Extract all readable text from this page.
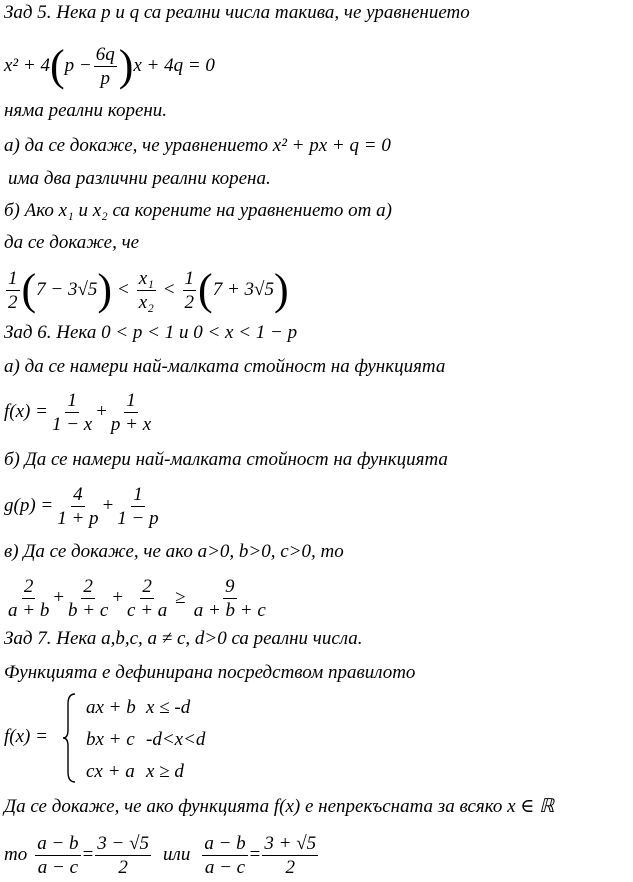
Зад 5. Нека p и q са реални числа такива, че уравнението
x² + 4 ( $p - \frac{6q}{p}$ ) x + 4q = 0
няма реални корени.
а) да се докаже, че уравнението x² + px + q = 0
има два различни реални корена.
б) Ако x₁ и x₂ са корените на уравнението от а)
да се докаже, че
$\frac{1}{2}$ ( 7 − 3√5 ) < $\frac{\text{x₁}}{\text{x₂}} < \frac{1}{2}$ ( 7 + 3√5 )
Зад 6. Нека 0 < p < 1 и 0 < x < 1 − p
а) да се намери най-малката стойност на функцията
$f(x) = \frac{1}{1 - x} + \frac{1}{p + x}$
б) Да се намери най-малката стойност на функцията
$g(p) = \frac{4}{1 + p} + \frac{1}{1 - p}$
в) Да се докаже, че ако a>0, b>0, c>0, то
$\frac{2}{a + b} + \frac{2}{b + c} + \frac{2}{c + a} \ge \frac{9}{a + b + c}$
Зад 7. Нека a,b,c, a ≠ c, d>0 са реални числа.
Функцията е дефинирана посредством правилото
f(x) =
ax + b x ≤ -d
bx + c -d<x<d
cx + a x ≥ d
Да се докаже, че ако функцията f(x) е непрекъсната за всяко x ∈ ℝ
то $\frac{a - b}{a - c} = \frac{3 - √5}{2}$ или $\frac{a - b}{a - c} = \frac{3 + √5}{2}$
